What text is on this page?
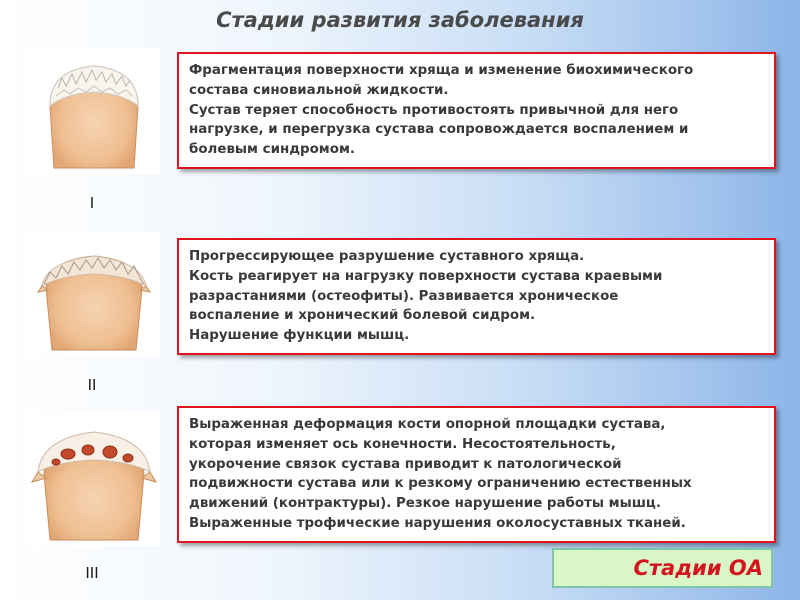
Стадии развития заболевания
I

Фрагментация поверхности хряща и изменение биохимического

состава синовиальной жидкости.

Сустав теряет способность противостоять привычной для него

нагрузке, и перегрузка сустава сопровождается воспалением и

болевым синдромом.

II

Прогрессирующее разрушение суставного хряща.

Кость реагирует на нагрузку поверхности сустава краевыми

разрастаниями (остеофиты). Развивается хроническое

воспаление и хронический болевой сидром.

Нарушение функции мышц.

III

Выраженная деформация кости опорной площадки сустава,

которая изменяет ось конечности. Несостоятельность,

укорочение связок сустава приводит к патологической

подвижности сустава или к резкому ограничению естественных

движений (контрактуры). Резкое нарушение работы мышц.

Выраженные трофические нарушения околосуставных тканей.

Стадии ОА
